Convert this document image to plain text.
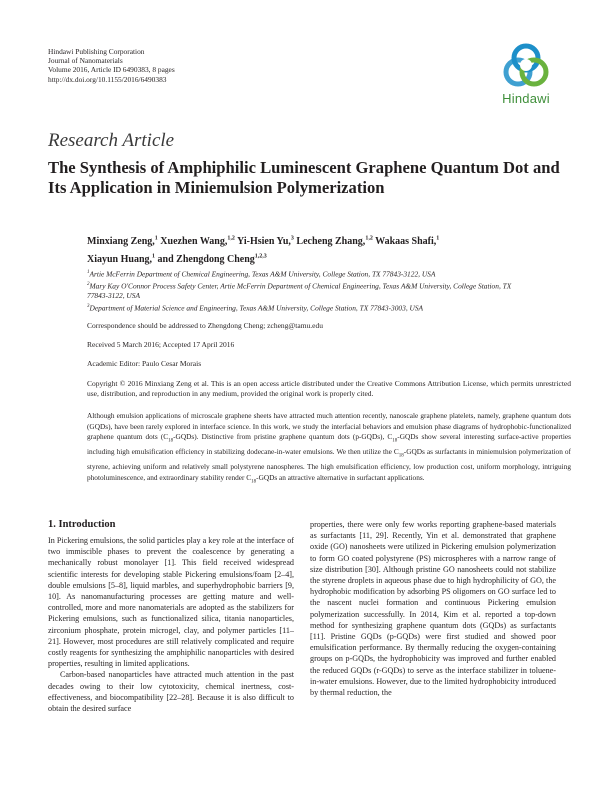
Hindawi Publishing Corporation
Journal of Nanomaterials
Volume 2016, Article ID 6490383, 8 pages
http://dx.doi.org/10.1155/2016/6490383
Hindawi
Research Article
The Synthesis of Amphiphilic Luminescent Graphene Quantum Dot and Its Application in Miniemulsion Polymerization
Minxiang Zeng,$^1$ Xuezhen Wang,$^{1,2}$ Yi-Hsien Yu,$^3$ Lecheng Zhang,$^{1,2}$ Wakaas Shafi,$^1$
Xiayun Huang,$^1$ and Zhengdong Cheng$^{1,2,3}$
$^1$Artie McFerrin Department of Chemical Engineering, Texas A&M University, College Station, TX 77843-3122, USA
$^2$Mary Kay O'Connor Process Safety Center, Artie McFerrin Department of Chemical Engineering, Texas A&M University, College Station, TX 77843-3122, USA
$^3$Department of Material Science and Engineering, Texas A&M University, College Station, TX 77843-3003, USA
Correspondence should be addressed to Zhengdong Cheng; zcheng@tamu.edu
Received 5 March 2016; Accepted 17 April 2016
Academic Editor: Paulo Cesar Morais
Copyright © 2016 Minxiang Zeng et al. This is an open access article distributed under the Creative Commons Attribution License, which permits unrestricted use, distribution, and reproduction in any medium, provided the original work is properly cited.
Although emulsion applications of microscale graphene sheets have attracted much attention recently, nanoscale graphene platelets, namely, graphene quantum dots (GQDs), have been rarely explored in interface science. In this work, we study the interfacial behaviors and emulsion phase diagrams of hydrophobic-functionalized graphene quantum dots $(C_{18}-GQDs)$. Distinctive from pristine graphene quantum dots (p-GQDs), $C_{18}$-GQDs show several interesting surface-active properties including high emulsification efficiency in stabilizing dodecane-in-water emulsions. We then utilize the $C_{18}$-GQDs as surfactants in miniemulsion polymerization of styrene, achieving uniform and relatively small polystyrene nanospheres. The high emulsification efficiency, low production cost, uniform morphology, intriguing photoluminescence, and extraordinary stability render $C_{18}$-GQDs an attractive alternative in surfactant applications.
1. Introduction

In Pickering emulsions, the solid particles play a key role at the interface of two immiscible phases to prevent the coalescence by generating a mechanically robust monolayer [1]. This field received widespread scientific interests for developing stable Pickering emulsions/foam [2–4], double emulsions [5–8], liquid marbles, and superhydrophobic barriers [9, 10]. As nanomanufacturing processes are getting mature and well-controlled, more and more nanomaterials are adopted as the stabilizers for Pickering emulsions, such as functionalized silica, titania nanoparticles, zirconium phosphate, protein microgel, clay, and polymer particles [11–21]. However, most procedures are still relatively complicated and require costly reagents for synthesizing the amphiphilic nanoparticles with desired properties, resulting in limited applications.

Carbon-based nanoparticles have attracted much attention in the past decades owing to their low cytotoxicity, chemical inertness, cost-effectiveness, and biocompatibility [22–28]. Because it is also difficult to obtain the desired surface

properties, there were only few works reporting graphene-based materials as surfactants [11, 29]. Recently, Yin et al. demonstrated that graphene oxide (GO) nanosheets were utilized in Pickering emulsion polymerization to form GO coated polystyrene (PS) microspheres with a narrow range of size distribution [30]. Although pristine GO nanosheets could not stabilize the styrene droplets in aqueous phase due to high hydrophilicity of GO, the hydrophobic modification by adsorbing PS oligomers on GO surface led to the nascent nuclei formation and continuous Pickering emulsion polymerization successfully. In 2014, Kim et al. reported a top-down method for synthesizing graphene quantum dots (GQDs) as surfactants [11]. Pristine GQDs (p-GQDs) were first studied and showed poor emulsification performance. By thermally reducing the oxygen-containing groups on p-GQDs, the hydrophobicity was improved and further enabled the reduced GQDs (r-GQDs) to serve as the interface stabilizer in toluene-in-water emulsions. However, due to the limited hydrophobicity introduced by thermal reduction, the
